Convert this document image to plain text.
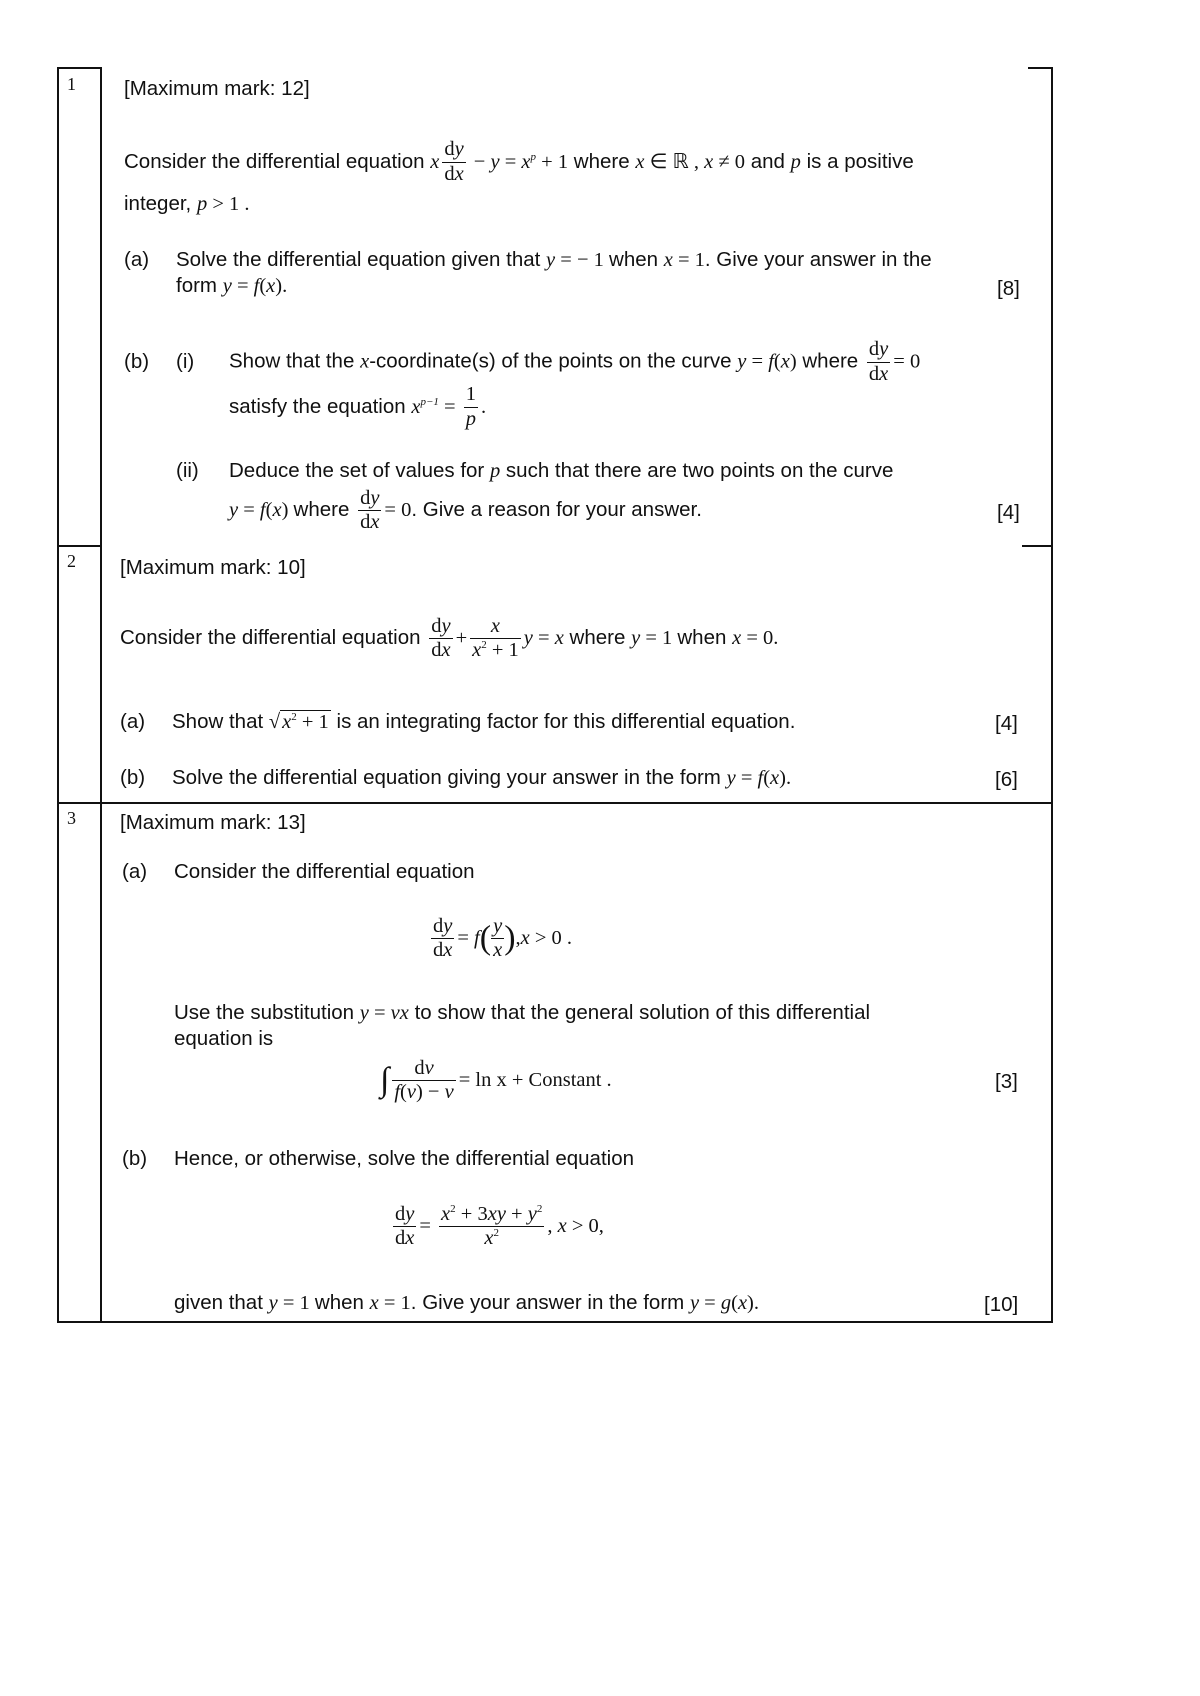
1 [Maximum mark: 12]
Consider the differential equation x $\frac{dy}{dx} - y = x^p + 1$ where x ∈ ℝ , x ≠ 0 and p is a positive
integer, p > 1 .
(a) Solve the differential equation given that y = − 1 when x = 1. Give your answer in the
form y = f(x).	[8]
(b) (i) Show that the x-coordinate(s) of the points on the curve y = f(x) where $\frac{dy}{dx} = 0$
satisfy the equation $x^{p-1} = \frac{1}{p}$ .
(ii) Deduce the set of values for p such that there are two points on the curve
y = f(x) where $\frac{dy}{dx} = 0$. Give a reason for your answer.	[4]
2 [Maximum mark: 10]
Consider the differential equation $\frac{dy}{dx} + \frac{x}{x^2 + 1}$ y = x where y = 1 when x = 0.
(a) Show that $√x^2 + 1$ is an integrating factor for this differential equation.	[4]
(b) Solve the differential equation giving your answer in the form y = f(x).	[6]
3 [Maximum mark: 13]
(a) Consider the differential equation
$\frac{dy}{dx} = f( \frac{y}{x} ),x > 0$ .
Use the substitution y = vx to show that the general solution of this differential
equation is
∫ $\frac{dv}{f(v) - v} = \ln x$ + Constant .	[3]
(b) Hence, or otherwise, solve the differential equation
$\frac{dy}{dx} = \frac{x^2 + 3xy + y^2}{x^2}$ , x > 0,
given that y = 1 when x = 1. Give your answer in the form y = g(x).	[10]
